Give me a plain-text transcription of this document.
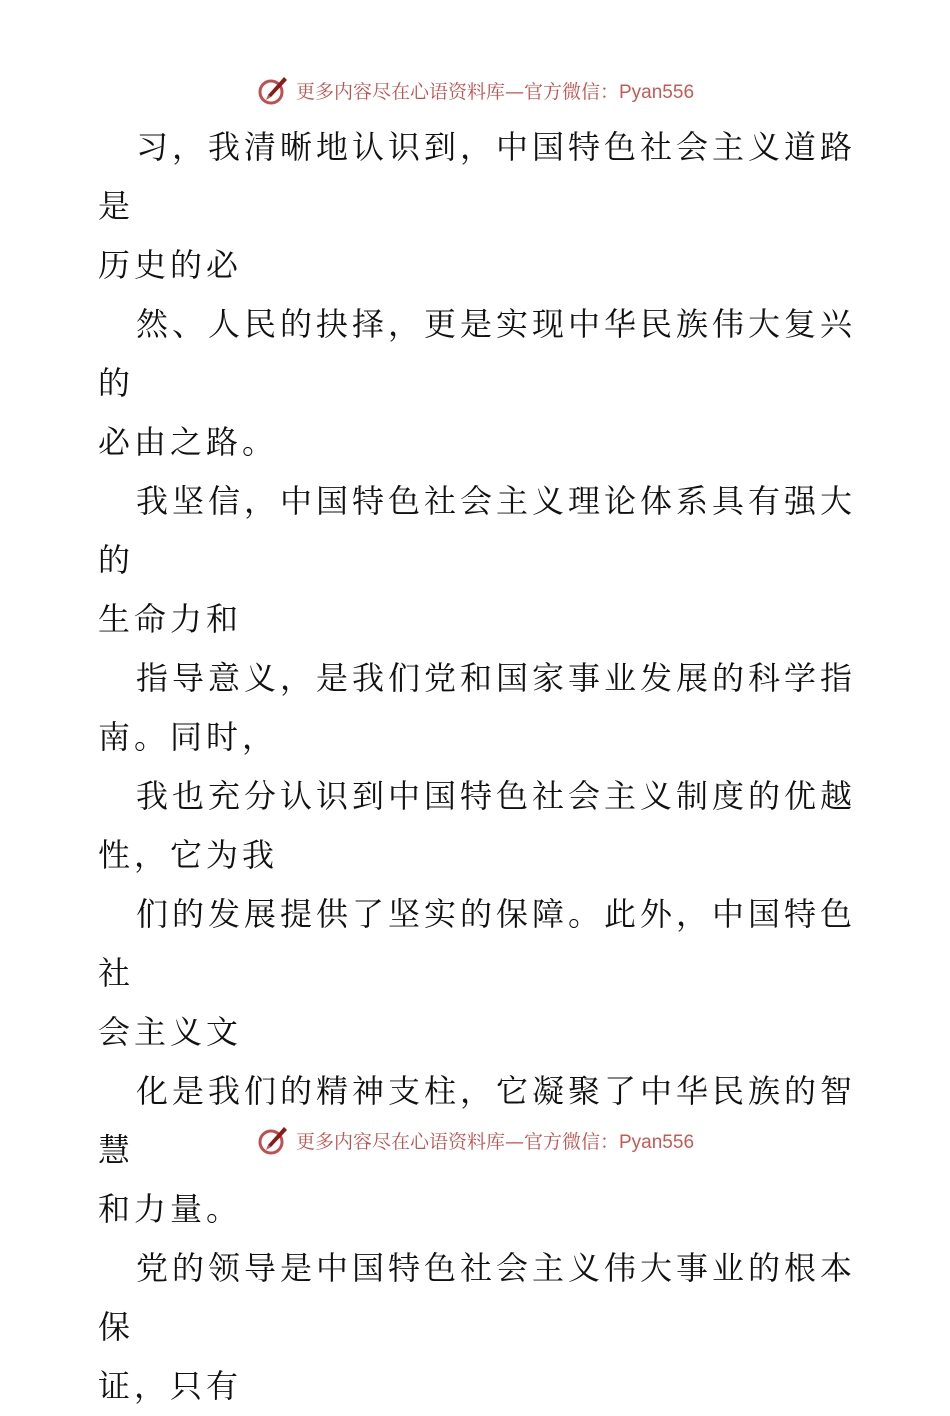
更多内容尽在心语资料库—官方微信：Pyan556

习，我清晰地认识到，中国特色社会主义道路是
历史的必

然、人民的抉择，更是实现中华民族伟大复兴的
必由之路。

我坚信，中国特色社会主义理论体系具有强大的
生命力和

指导意义，是我们党和国家事业发展的科学指
南。同时，

我也充分认识到中国特色社会主义制度的优越
性，它为我

们的发展提供了坚实的保障。此外，中国特色社
会主义文

化是我们的精神支柱，它凝聚了中华民族的智慧
和力量。

党的领导是中国特色社会主义伟大事业的根本保
证，只有

更多内容尽在心语资料库—官方微信：Pyan556
